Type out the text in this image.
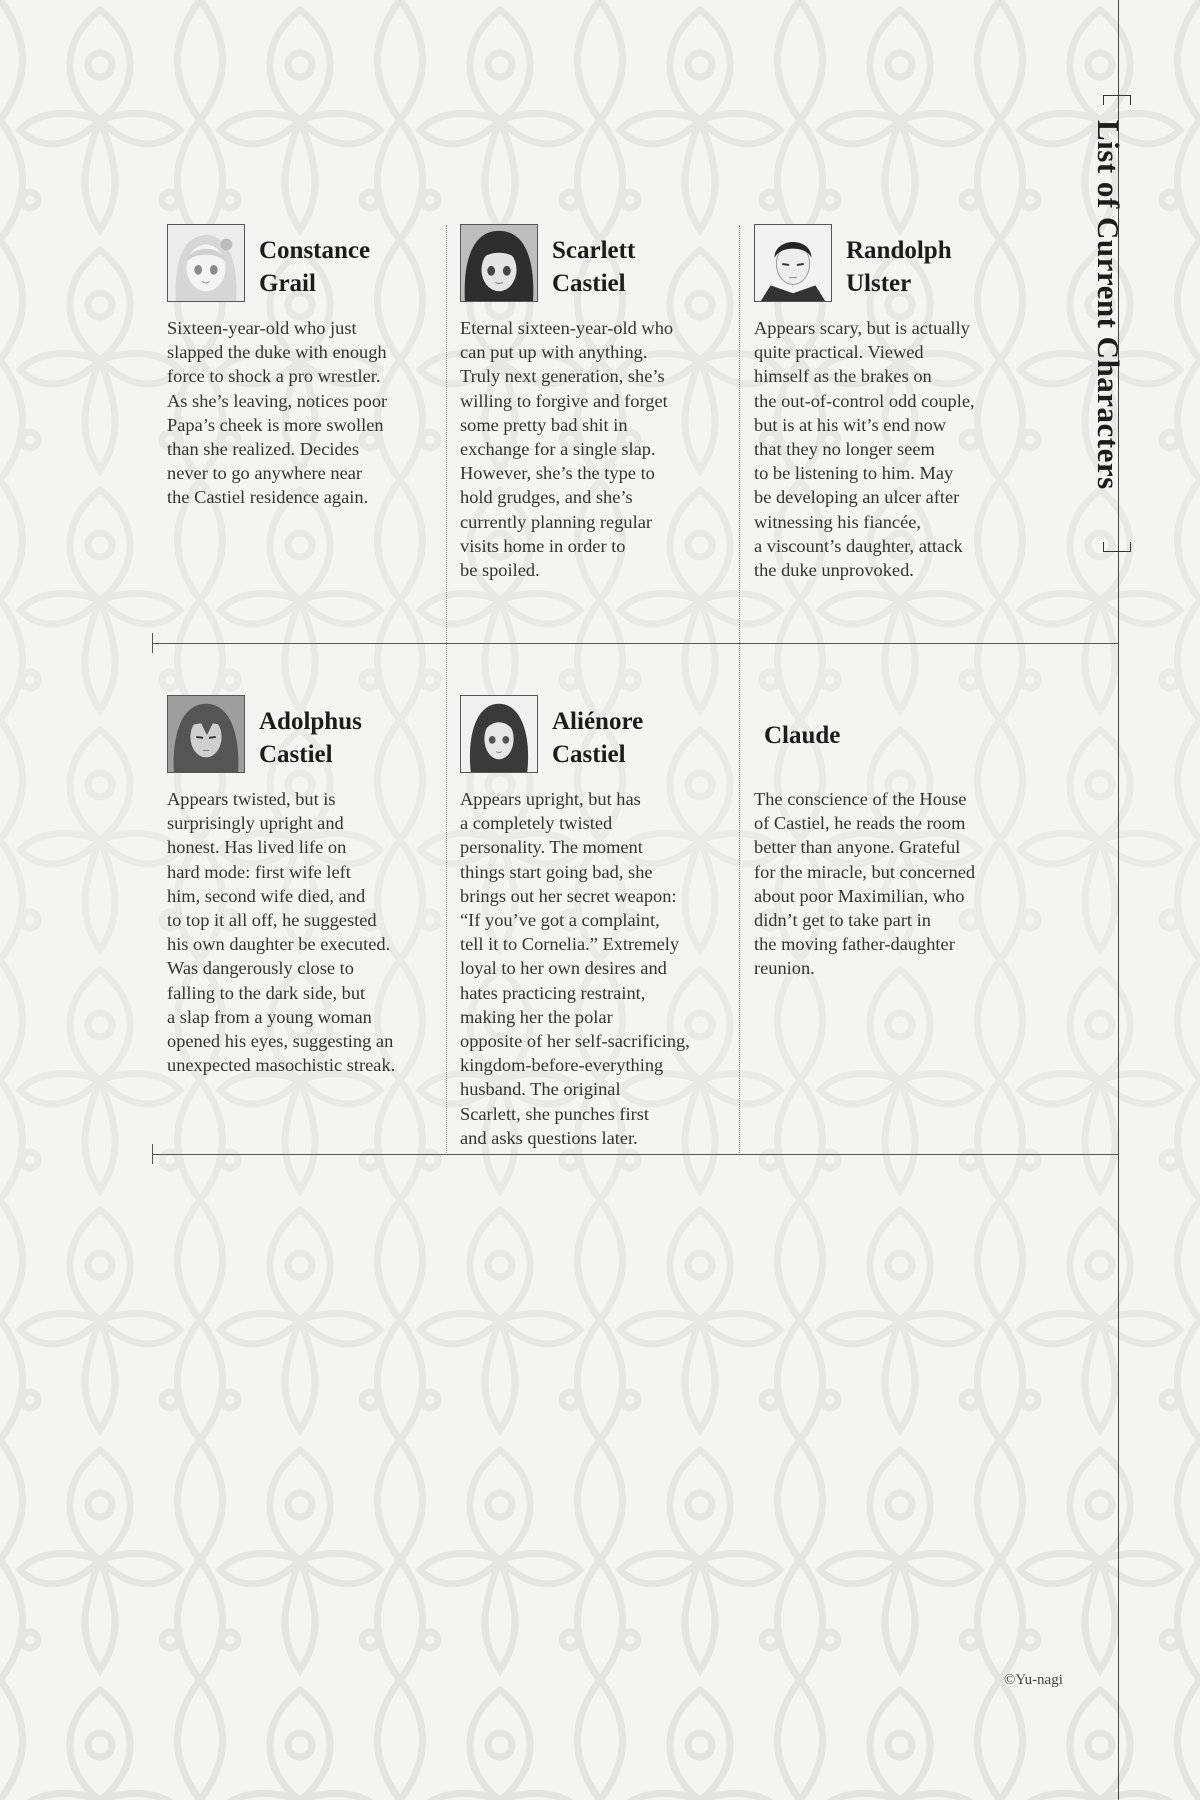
List of Current Characters
Constance
Grail
Sixteen-year-old who just
slapped the duke with enough
force to shock a pro wrestler.
As she’s leaving, notices poor
Papa’s cheek is more swollen
than she realized. Decides
never to go anywhere near
the Castiel residence again.
Scarlett
Castiel
Eternal sixteen-year-old who
can put up with anything.
Truly next generation, she’s
willing to forgive and forget
some pretty bad shit in
exchange for a single slap.
However, she’s the type to
hold grudges, and she’s
currently planning regular
visits home in order to
be spoiled.
Randolph
Ulster
Appears scary, but is actually
quite practical. Viewed
himself as the brakes on
the out-of-control odd couple,
but is at his wit’s end now
that they no longer seem
to be listening to him. May
be developing an ulcer after
witnessing his fiancée,
a viscount’s daughter, attack
the duke unprovoked.
Adolphus
Castiel
Appears twisted, but is
surprisingly upright and
honest. Has lived life on
hard mode: first wife left
him, second wife died, and
to top it all off, he suggested
his own daughter be executed.
Was dangerously close to
falling to the dark side, but
a slap from a young woman
opened his eyes, suggesting an
unexpected masochistic streak.
Aliénore
Castiel
Appears upright, but has
a completely twisted
personality. The moment
things start going bad, she
brings out her secret weapon:
“If you’ve got a complaint,
tell it to Cornelia.” Extremely
loyal to her own desires and
hates practicing restraint,
making her the polar
opposite of her self-sacrificing,
kingdom-before-everything
husband. The original
Scarlett, she punches first
and asks questions later.
Claude
The conscience of the House
of Castiel, he reads the room
better than anyone. Grateful
for the miracle, but concerned
about poor Maximilian, who
didn’t get to take part in
the moving father-daughter
reunion.
©Yu-nagi
